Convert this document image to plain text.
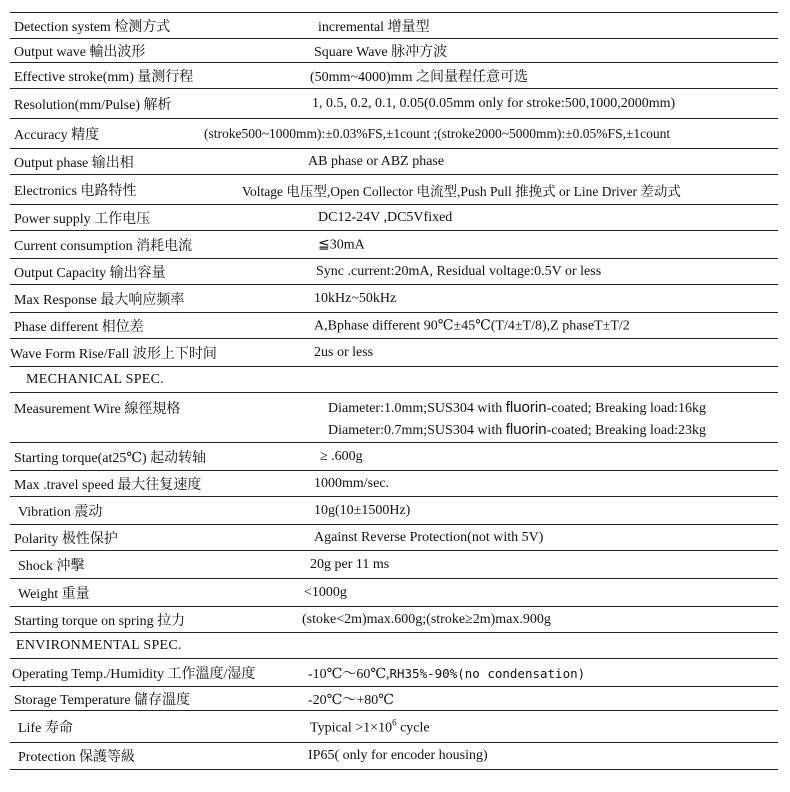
Detection system 检测方式	incremental 增量型
Output wave 輸出波形	Square Wave 脉冲方波
Effective stroke(mm) 量测行程	(50mm~4000)mm 之间量程任意可选
Resolution(mm/Pulse) 解析	1, 0.5, 0.2, 0.1, 0.05(0.05mm only for stroke:500,1000,2000mm)
Accuracy 精度	(stroke500~1000mm):±0.03%FS,±1count ;(stroke2000~5000mm):±0.05%FS,±1count
Output phase 输出相	AB phase or ABZ phase
Electronics 电路特性	Voltage 电压型,Open Collector 电流型,Push Pull 推挽式 or Line Driver 差动式
Power supply 工作电压	DC12-24V ,DC5Vfixed
Current consumption 消耗电流	≦30mA
Output Capacity 输出容量	Sync .current:20mA, Residual voltage:0.5V or less
Max Response 最大响应频率	10kHz~50kHz
Phase different 相位差	A,Bphase different 90℃±45℃(T/4±T/8),Z phaseT±T/2
Wave Form Rise/Fall 波形上下时间	2us or less
MECHANICAL SPEC.
Measurement Wire 線徑規格	Diameter:1.0mm;SUS304 with fluorin-coated; Breaking load:16kg
Diameter:0.7mm;SUS304 with fluorin-coated; Breaking load:23kg
Starting torque(at25℃) 起动转轴	≥ .600g
Max .travel speed 最大往复速度	1000mm/sec.
Vibration 震动	10g(10±1500Hz)
Polarity 极性保护	Against Reverse Protection(not with 5V)
Shock 沖擊	20g per 11 ms
Weight 重量	<1000g
Starting torque on spring 拉力	(stoke<2m)max.600g;(stroke≥2m)max.900g
ENVIRONMENTAL SPEC.
Operating Temp./Humidity 工作溫度/湿度	-10℃～60℃,RH35%-90%(no condensation)
Storage Temperature 儲存溫度	-20℃～+80℃
Life 寿命	Typical $>1\times 10^6$ cycle
Protection 保護等級	IP65( only for encoder housing)
